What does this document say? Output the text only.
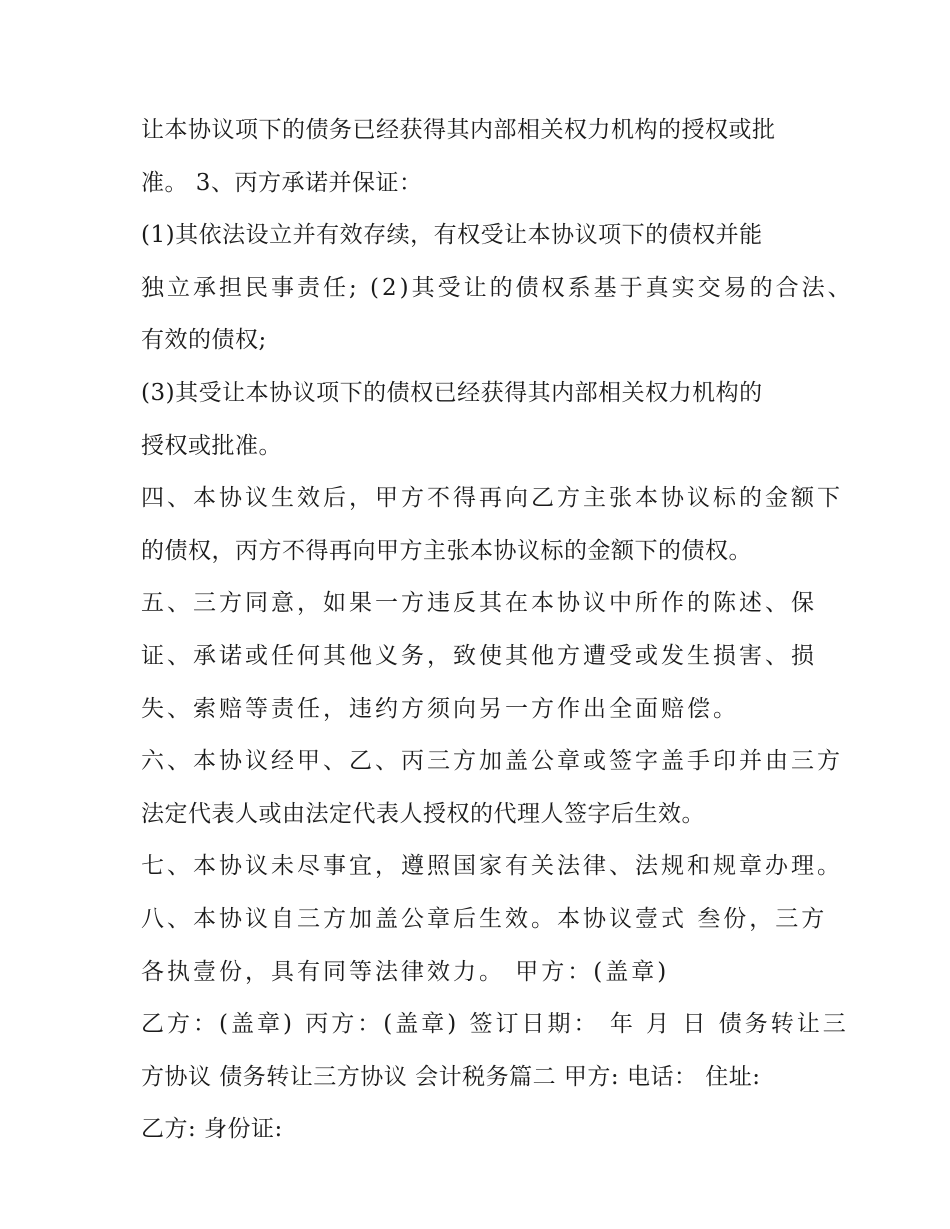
让本协议项下的债务已经获得其内部相关权力机构的授权或批
准。 3、丙方承诺并保证：
(1)其依法设立并有效存续，有权受让本协议项下的债权并能
独立承担民事责任; (2)其受让的债权系基于真实交易的合法、
有效的债权;
(3)其受让本协议项下的债权已经获得其内部相关权力机构的
授权或批准。
四、本协议生效后，甲方不得再向乙方主张本协议标的金额下
的债权，丙方不得再向甲方主张本协议标的金额下的债权。
五、三方同意，如果一方违反其在本协议中所作的陈述、保
证、承诺或任何其他义务，致使其他方遭受或发生损害、损
失、索赔等责任，违约方须向另一方作出全面赔偿。
六、本协议经甲、乙、丙三方加盖公章或签字盖手印并由三方
法定代表人或由法定代表人授权的代理人签字后生效。
七、本协议未尽事宜，遵照国家有关法律、法规和规章办理。
八、本协议自三方加盖公章后生效。本协议壹式 叁份，三方
各执壹份，具有同等法律效力。 甲方：(盖章)
乙方：(盖章) 丙方：(盖章) 签订日期： 年 月 日 债务转让三
方协议 债务转让三方协议 会计税务篇二 甲方: 电话： 住址:
乙方: 身份证:
